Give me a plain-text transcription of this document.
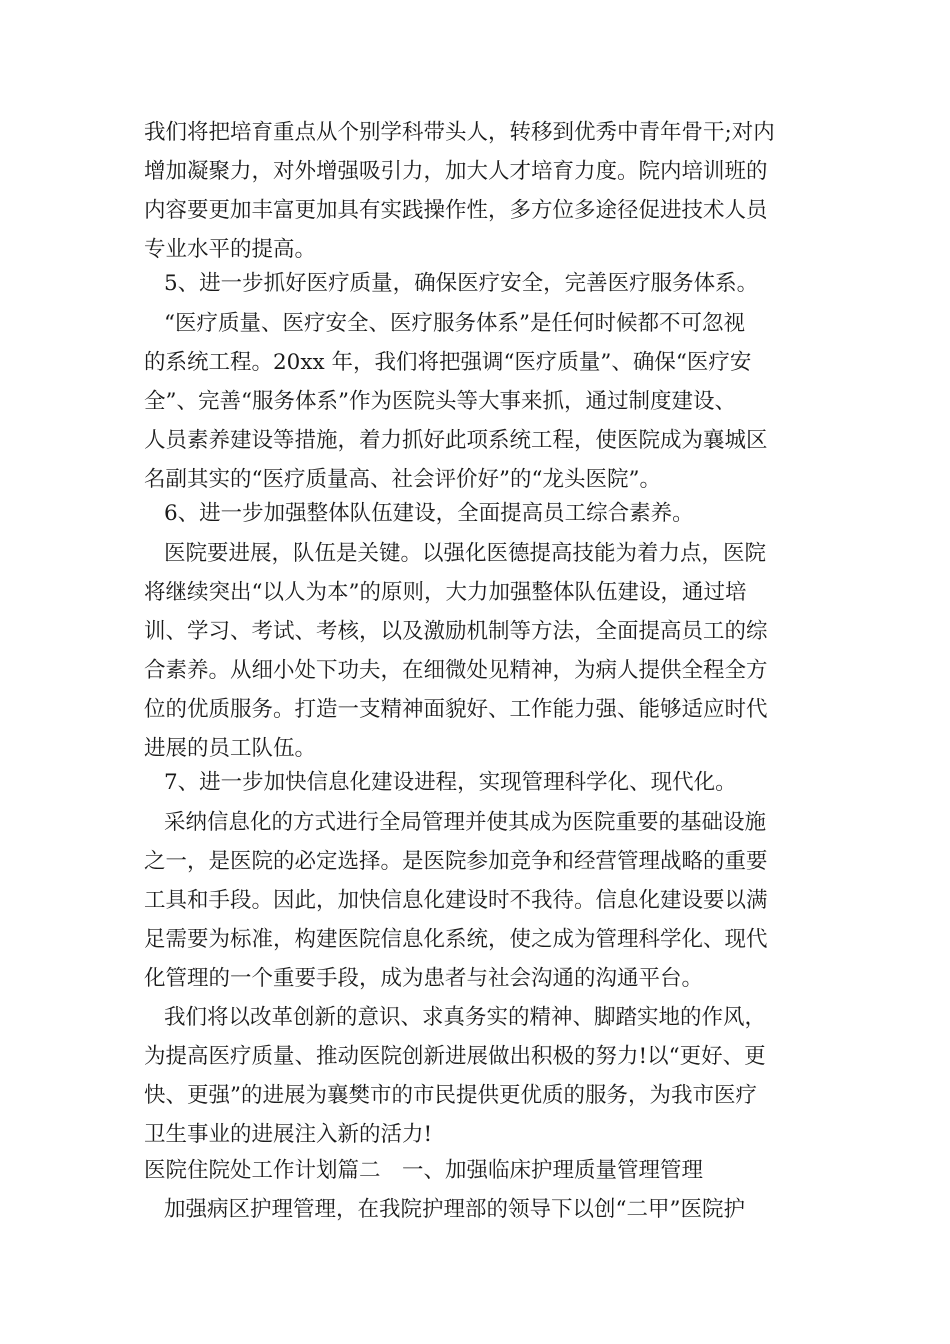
我们将把培育重点从个别学科带头人，转移到优秀中青年骨干;对内
增加凝聚力，对外增强吸引力，加大人才培育力度。院内培训班的
内容要更加丰富更加具有实践操作性，多方位多途径促进技术人员
专业水平的提高。
5、进一步抓好医疗质量，确保医疗安全，完善医疗服务体系。
“医疗质量、医疗安全、医疗服务体系”是任何时候都不可忽视
的系统工程。20xx 年，我们将把强调“医疗质量”、确保“医疗安
全”、完善“服务体系”作为医院头等大事来抓，通过制度建设、
人员素养建设等措施，着力抓好此项系统工程，使医院成为襄城区
名副其实的“医疗质量高、社会评价好”的“龙头医院”。
6、进一步加强整体队伍建设，全面提高员工综合素养。
医院要进展，队伍是关键。以强化医德提高技能为着力点，医院
将继续突出“以人为本”的原则，大力加强整体队伍建设，通过培
训、学习、考试、考核，以及激励机制等方法，全面提高员工的综
合素养。从细小处下功夫，在细微处见精神，为病人提供全程全方
位的优质服务。打造一支精神面貌好、工作能力强、能够适应时代
进展的员工队伍。
7、进一步加快信息化建设进程，实现管理科学化、现代化。
采纳信息化的方式进行全局管理并使其成为医院重要的基础设施
之一，是医院的必定选择。是医院参加竞争和经营管理战略的重要
工具和手段。因此，加快信息化建设时不我待。信息化建设要以满
足需要为标准，构建医院信息化系统，使之成为管理科学化、现代
化管理的一个重要手段，成为患者与社会沟通的沟通平台。
我们将以改革创新的意识、求真务实的精神、脚踏实地的作风，
为提高医疗质量、推动医院创新进展做出积极的努力!以“更好、更
快、更强”的进展为襄樊市的市民提供更优质的服务，为我市医疗
卫生事业的进展注入新的活力!
医院住院处工作计划篇二　一、加强临床护理质量管理管理
加强病区护理管理，在我院护理部的领导下以创“二甲”医院护
